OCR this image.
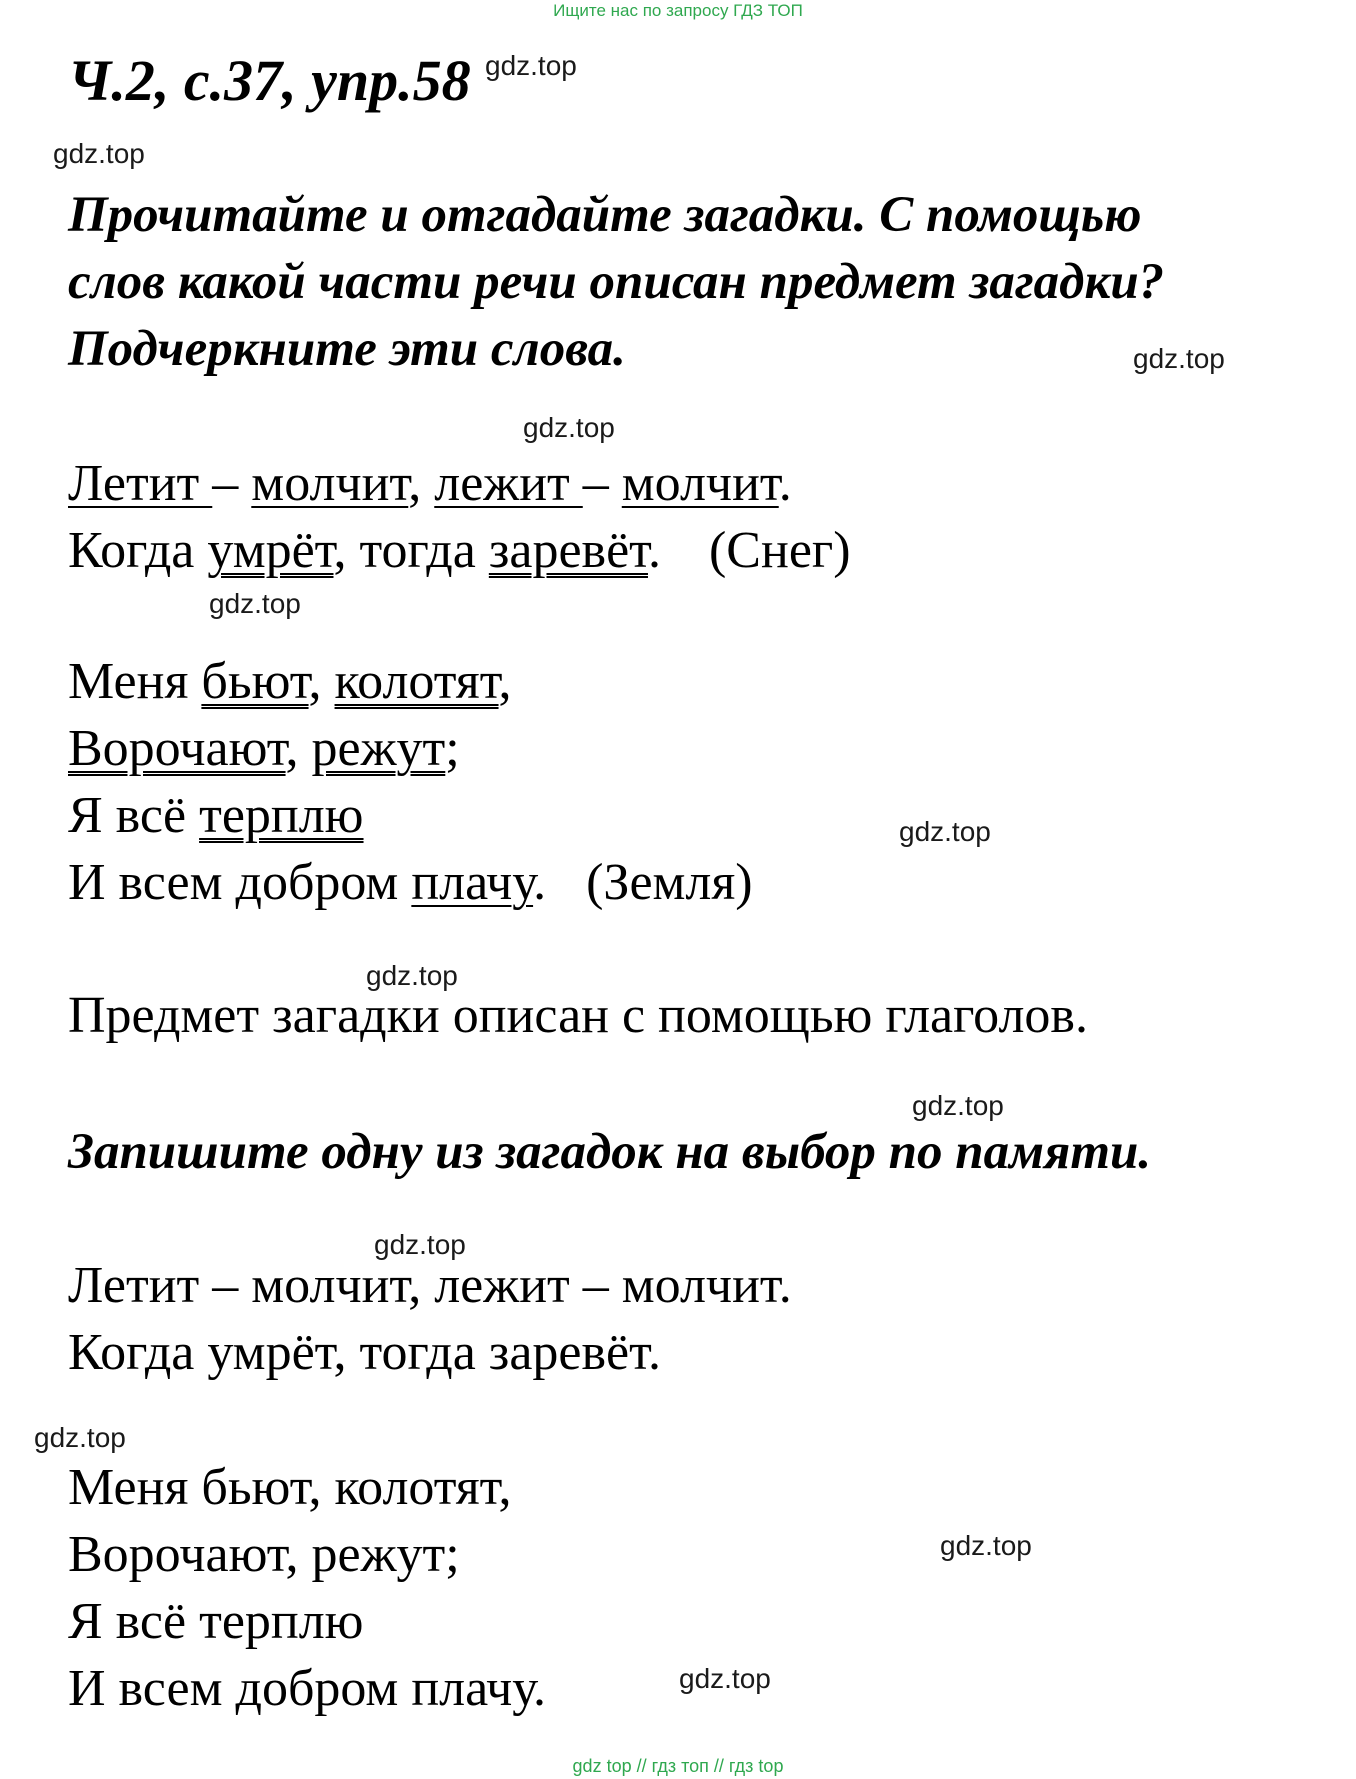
Ищите нас по запросу ГДЗ ТОП
gdz top // гдз топ // гдз top
Ч.2, с.37, упр.58
Прочитайте и отгадайте загадки. С помощью
слов какой части речи описан предмет загадки?
Подчеркните эти слова.
Летит – молчит, лежит – молчит.
Когда умрёт, тогда заревёт. (Снег)
Меня бьют, колотят,
Ворочают, режут;
Я всё терплю
И всем добром плачу. (Земля)
Предмет загадки описан с помощью глаголов.
Запишите одну из загадок на выбор по памяти.
Летит – молчит, лежит – молчит.
Когда умрёт, тогда заревёт.
Меня бьют, колотят,
Ворочают, режут;
Я всё терплю
И всем добром плачу.
gdz.top
gdz.top
gdz.top
gdz.top
gdz.top
gdz.top
gdz.top
gdz.top
gdz.top
gdz.top
gdz.top
gdz.top
